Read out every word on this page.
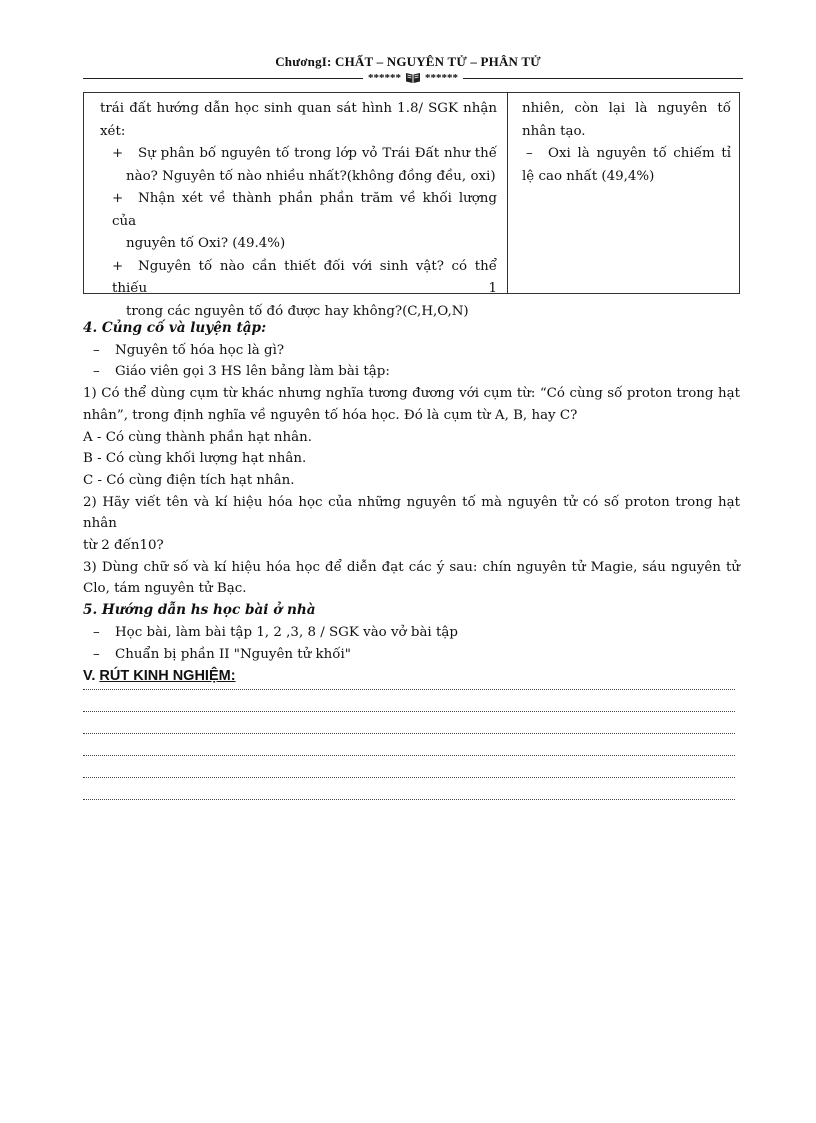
ChươngI: CHẤT – NGUYÊN TỬ – PHÂN TỬ
****** ******
trái đất hướng dẫn học sinh quan sát hình 1.8/ SGK nhận
xét:
+ Sự phân bố nguyên tố trong lớp vỏ Trái Đất như thế
nào? Nguyên tố nào nhiều nhất?(không đồng đều, oxi)
+ Nhận xét về thành phần phần trăm về khối lượng của
nguyên tố Oxi? (49.4%)
+ Nguyên tố nào cần thiết đối với sinh vật? có thể thiếu 1
trong các nguyên tố đó được hay không?(C,H,O,N)
nhiên, còn lại là nguyên tố
nhân tạo.
– Oxi là nguyên tố chiếm tỉ
lệ cao nhất (49,4%)
4. Củng cố và luyện tập:
– Nguyên tố hóa học là gì?
– Giáo viên gọi 3 HS lên bảng làm bài tập:
1) Có thể dùng cụm từ khác nhưng nghĩa tương đương với cụm từ: “Có cùng số proton trong hạt
nhân”, trong định nghĩa về nguyên tố hóa học. Đó là cụm từ A, B, hay C?
A - Có cùng thành phần hạt nhân.
B - Có cùng khối lượng hạt nhân.
C - Có cùng điện tích hạt nhân.
2) Hãy viết tên và kí hiệu hóa học của những nguyên tố mà nguyên tử có số proton trong hạt nhân
từ 2 đến10?
3) Dùng chữ số và kí hiệu hóa học để diễn đạt các ý sau: chín nguyên tử Magie, sáu nguyên tử
Clo, tám nguyên tử Bạc.
5. Hướng dẫn hs học bài ở nhà
– Học bài, làm bài tập 1, 2 ,3, 8 / SGK vào vở bài tập
– Chuẩn bị phần II "Nguyên tử khối"
V. RÚT KINH NGHIỆM:
